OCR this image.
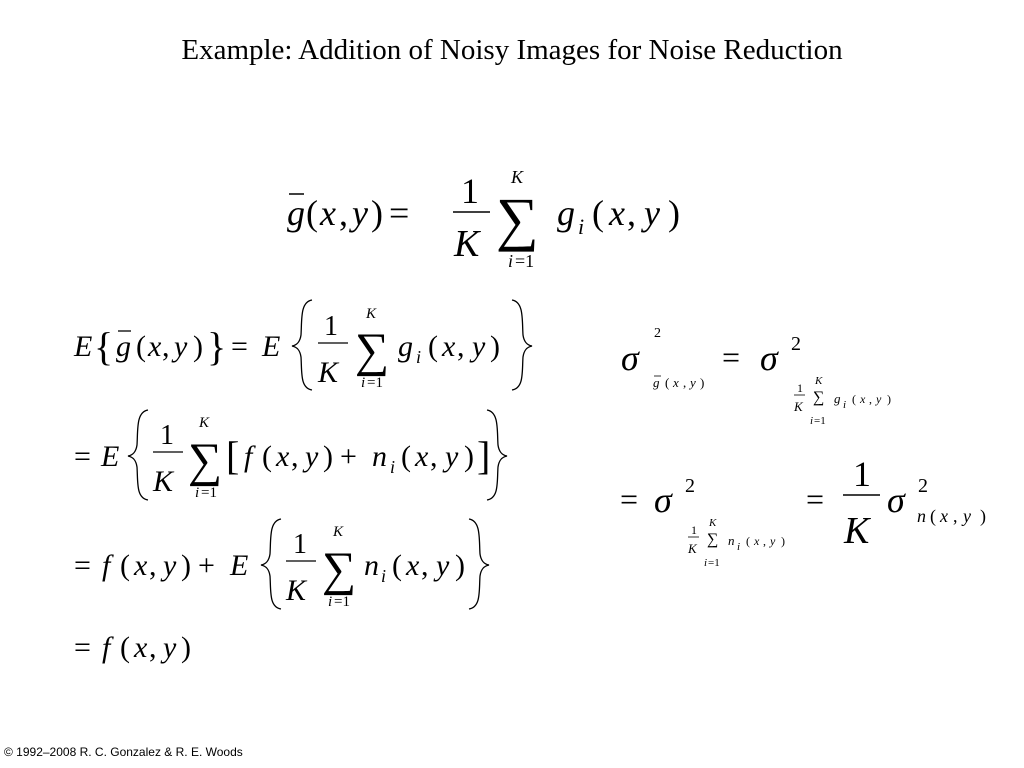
Example: Addition of Noisy Images for Noise Reduction
g ( x , y ) =
1
K
K
∑
i =1
g i ( x , y )
E { g ( x , y ) } = E
1
K
K
∑
i =1
g i ( x , y )
= E
1
K
K
∑
i =1
[ f ( x , y ) + n i ( x , y ) ]
= f ( x , y ) + E
1
K
K
∑
i =1
n i ( x , y )
= f ( x , y )
σ
2
g ( x , y )
= σ 2
1
K
K
∑
i =1
g i ( x , y )
= σ 2
1
K
K
∑
i =1
n i ( x , y )
=
1
K
σ 2
n ( x , y )
© 1992–2008 R. C. Gonzalez & R. E. Woods
